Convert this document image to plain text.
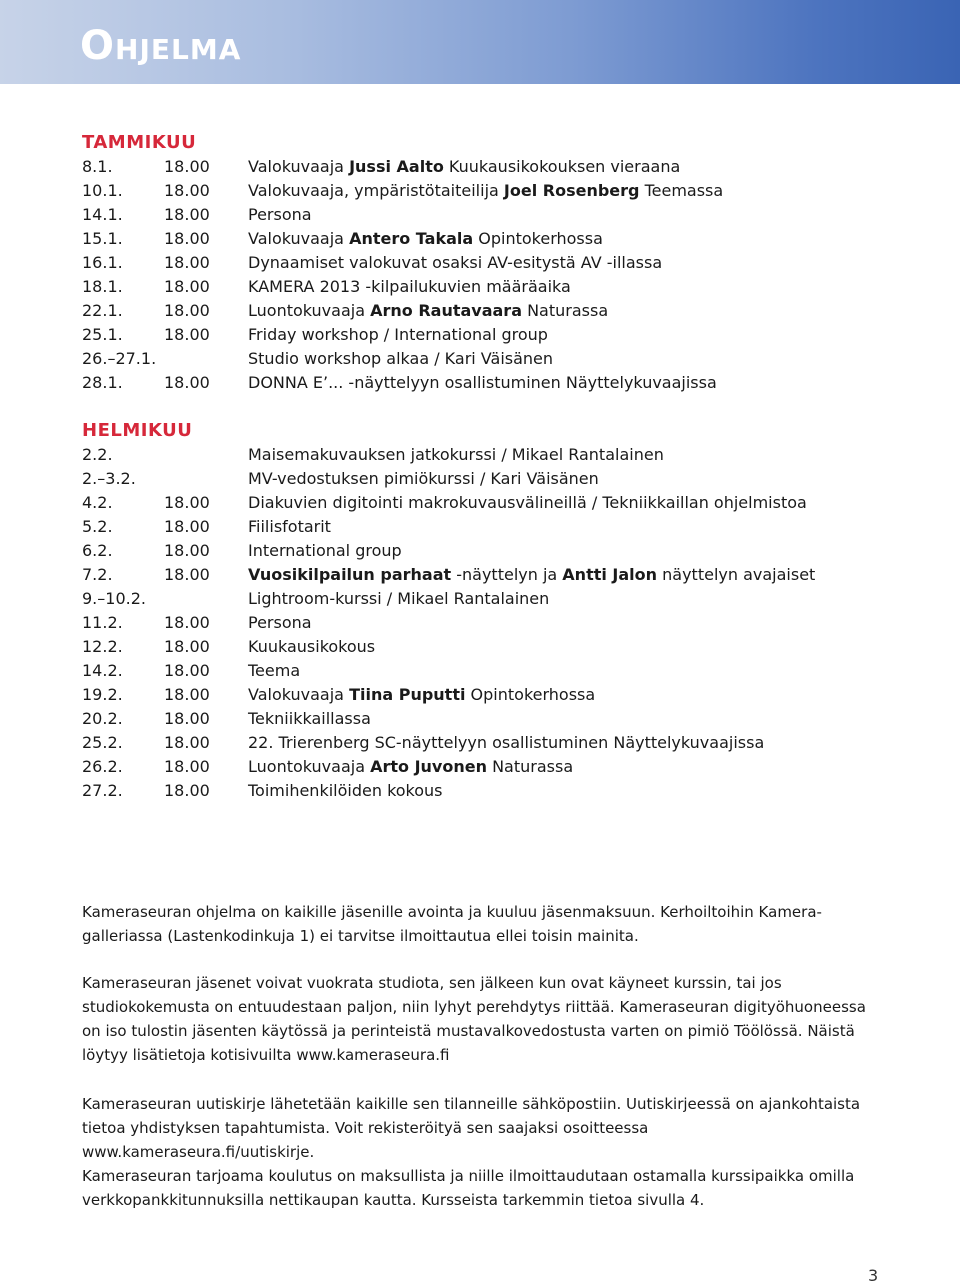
Ohjelma
TAMMIKUU
8.1.	18.00 Valokuvaaja Jussi Aalto Kuukausikokouksen vieraana
10.1.	18.00 Valokuvaaja, ympäristötaiteilija Joel Rosenberg Teemassa
14.1.	18.00 Persona
15.1.	18.00 Valokuvaaja Antero Takala Opintokerhossa
16.1.	18.00 Dynaamiset valokuvat osaksi AV-esitystä AV -illassa
18.1.	18.00 KAMERA 2013 -kilpailukuvien määräaika
22.1.	18.00 Luontokuvaaja Arno Rautavaara Naturassa
25.1.	18.00 Friday workshop / International group
26.–27.1.	Studio workshop alkaa / Kari Väisänen
28.1.	18.00 DONNA E’... -näyttelyyn osallistuminen Näyttelykuvaajissa
HELMIKUU
2.2.	Maisemakuvauksen jatkokurssi / Mikael Rantalainen
2.–3.2.	MV-vedostuksen pimiökurssi / Kari Väisänen
4.2.	18.00 Diakuvien digitointi makrokuvausvälineillä / Tekniikkaillan ohjelmistoa
5.2.	18.00 Fiilisfotarit
6.2.	18.00 International group
7.2.	18.00 Vuosikilpailun parhaat -näyttelyn ja Antti Jalon näyttelyn avajaiset
9.–10.2.	Lightroom-kurssi / Mikael Rantalainen
11.2.	18.00 Persona
12.2.	18.00 Kuukausikokous
14.2.	18.00 Teema
19.2.	18.00 Valokuvaaja Tiina Puputti Opintokerhossa
20.2.	18.00 Tekniikkaillassa
25.2.	18.00 22. Trierenberg SC-näyttelyyn osallistuminen Näyttelykuvaajissa
26.2.	18.00 Luontokuvaaja Arto Juvonen Naturassa
27.2.	18.00 Toimihenkilöiden kokous

Kameraseuran ohjelma on kaikille jäsenille avointa ja kuuluu jäsenmaksuun. Kerhoiltoihin Kamera-galleriassa (Lastenkodinkuja 1) ei tarvitse ilmoittautua ellei toisin mainita.

Kameraseuran jäsenet voivat vuokrata studiota, sen jälkeen kun ovat käyneet kurssin, tai jos studiokokemusta on entuudestaan paljon, niin lyhyt perehdytys riittää. Kameraseuran digityöhuoneessa on iso tulostin jäsenten käytössä ja perinteistä mustavalkovedostusta varten on pimiö Töölössä. Näistä löytyy lisätietoja kotisivuilta www.kameraseura.fi

Kameraseuran uutiskirje lähetetään kaikille sen tilanneille sähköpostiin. Uutiskirjeessä on ajankohtaista tietoa yhdistyksen tapahtumista. Voit rekisteröityä sen saajaksi osoitteessa www.kameraseura.fi/uutiskirje.

Kameraseuran tarjoama koulutus on maksullista ja niille ilmoittaudutaan ostamalla kurssipaikka omilla verkkopankkitunnuksilla nettikaupan kautta. Kursseista tarkemmin tietoa sivulla 4.

3
